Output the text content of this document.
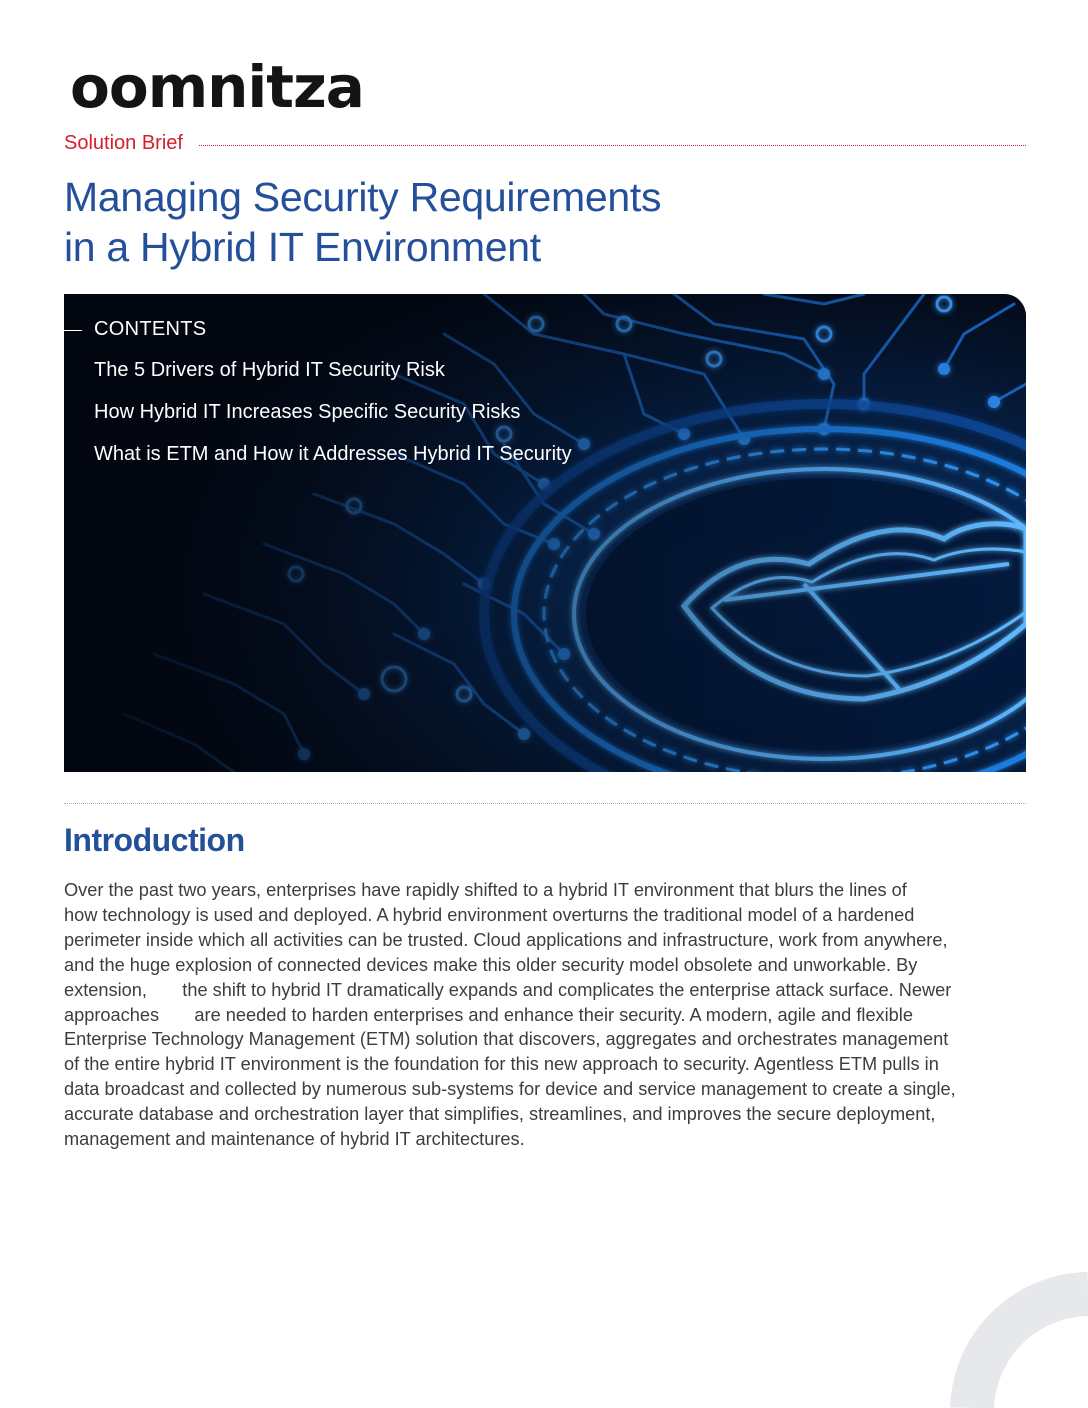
oomnitza
Solution Brief
Managing Security Requirements
in a Hybrid IT Environment
CONTENTS
The 5 Drivers of Hybrid IT Security Risk
How Hybrid IT Increases Specific Security Risks
What is ETM and How it Addresses Hybrid IT Security
Introduction
Over the past two years, enterprises have rapidly shifted to a hybrid IT environment that blurs the lines of
how technology is used and deployed. A hybrid environment overturns the traditional model of a hardened
perimeter inside which all activities can be trusted. Cloud applications and infrastructure, work from anywhere,
and the huge explosion of connected devices make this older security model obsolete and unworkable. By
extension,       the shift to hybrid IT dramatically expands and complicates the enterprise attack surface. Newer
approaches       are needed to harden enterprises and enhance their security. A modern, agile and flexible
Enterprise Technology Management (ETM) solution that discovers, aggregates and orchestrates management
of the entire hybrid IT environment is the foundation for this new approach to security. Agentless ETM pulls in
data broadcast and collected by numerous sub-systems for device and service management to create a single,
accurate database and orchestration layer that simplifies, streamlines, and improves the secure deployment,
management and maintenance of hybrid IT architectures.
